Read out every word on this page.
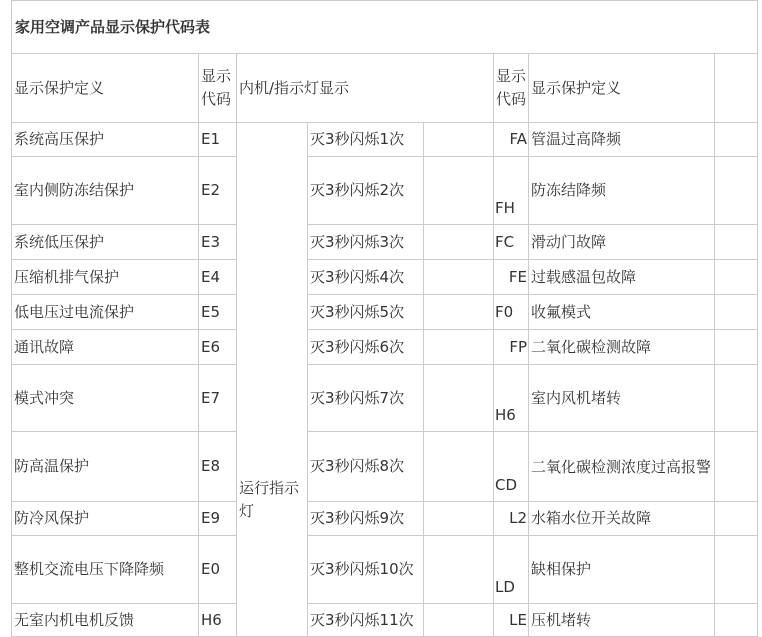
家用空调产品显示保护代码表							
显示保护定义	显示代码	内机/指示灯显示			显示代码	显示保护定义	
系统高压保护	E1	运行指示灯	灭3秒闪烁1次		FA	管温过高降频	
室内侧防冻结保护	E2		灭3秒闪烁2次		FH	防冻结降频	
系统低压保护	E3		灭3秒闪烁3次		FC	滑动门故障	
压缩机排气保护	E4		灭3秒闪烁4次		FE	过载感温包故障	
低电压过电流保护	E5		灭3秒闪烁5次		F0	收氟模式	
通讯故障	E6		灭3秒闪烁6次		FP	二氧化碳检测故障	
模式冲突	E7		灭3秒闪烁7次		H6	室内风机堵转	
防高温保护	E8		灭3秒闪烁8次		CD	二氧化碳检测浓度过高报警	
防冷风保护	E9		灭3秒闪烁9次		L2	水箱水位开关故障	
整机交流电压下降降频	E0		灭3秒闪烁10次		LD	缺相保护	
无室内机电机反馈	H6		灭3秒闪烁11次		LE	压机堵转	
